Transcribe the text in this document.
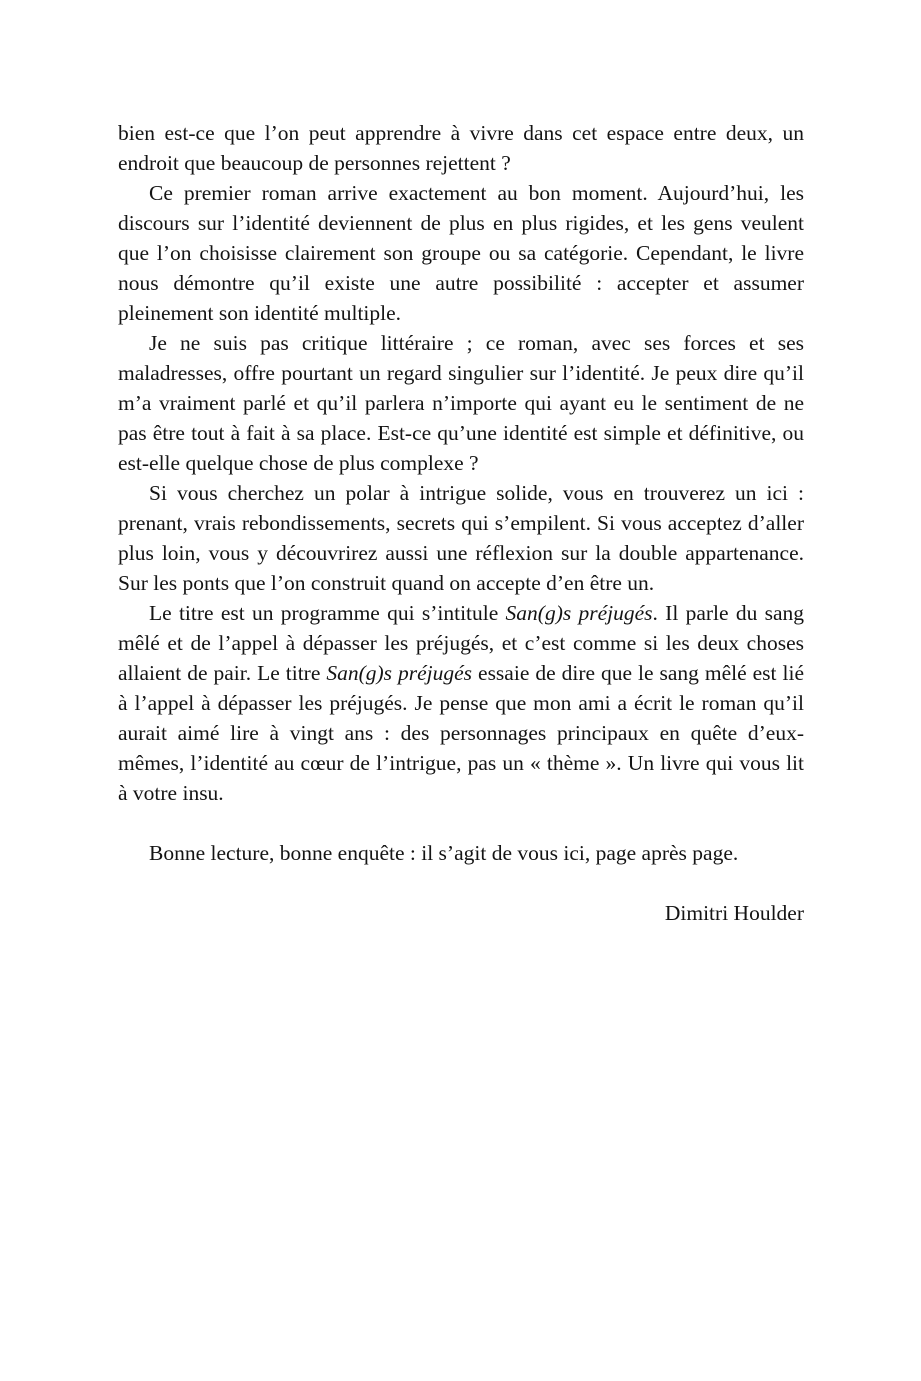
bien est-ce que l’on peut apprendre à vivre dans cet espace entre deux, un endroit que beaucoup de personnes rejettent ?

Ce premier roman arrive exactement au bon moment. Aujourd’hui, les discours sur l’identité deviennent de plus en plus rigides, et les gens veulent que l’on choisisse clairement son groupe ou sa catégorie. Cependant, le livre nous démontre qu’il existe une autre possibilité : accepter et assumer pleinement son identité multiple.

Je ne suis pas critique littéraire ; ce roman, avec ses forces et ses maladresses, offre pourtant un regard singulier sur l’identité. Je peux dire qu’il m’a vraiment parlé et qu’il parlera n’importe qui ayant eu le sentiment de ne pas être tout à fait à sa place. Est-ce qu’une identité est simple et définitive, ou est-elle quelque chose de plus complexe ?

Si vous cherchez un polar à intrigue solide, vous en trouverez un ici : prenant, vrais rebondissements, secrets qui s’empilent. Si vous acceptez d’aller plus loin, vous y découvrirez aussi une réflexion sur la double appartenance. Sur les ponts que l’on construit quand on accepte d’en être un.

Le titre est un programme qui s’intitule San(g)s préjugés. Il parle du sang mêlé et de l’appel à dépasser les préjugés, et c’est comme si les deux choses allaient de pair. Le titre San(g)s préjugés essaie de dire que le sang mêlé est lié à l’appel à dépasser les préjugés. Je pense que mon ami a écrit le roman qu’il aurait aimé lire à vingt ans : des personnages principaux en quête d’eux-mêmes, l’identité au cœur de l’intrigue, pas un « thème ». Un livre qui vous lit à votre insu.

Bonne lecture, bonne enquête : il s’agit de vous ici, page après page.

Dimitri Houlder
